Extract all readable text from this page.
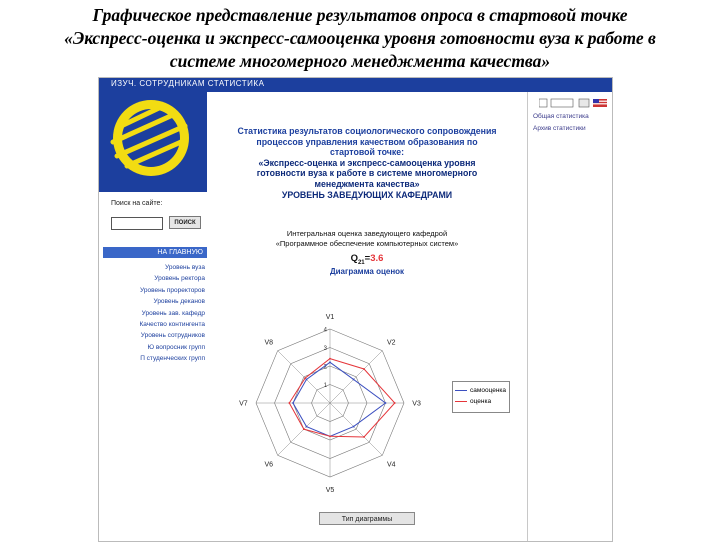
Графическое представление результатов опроса в стартовой точке
«Экспресс-оценка и экспресс-самооценка уровня готовности вуза к работе в
системе многомерного менеджмента качества»
ИЗУЧ. СОТРУДНИКАМ СТАТИСТИКА
Поиск на сайте:
ПОИСК
НА ГЛАВНУЮ
Уровень вуза
Уровень ректора
Уровень проректоров
Уровень деканов
Уровень зав. кафедр
Качество контингента
Уровень сотрудников
Ю вопросник групп
П студенческих групп
Общая статистика
Архив статистики
Статистика результатов социологического сопровождения
процессов управления качеством образования по
стартовой точке:
«Экспресс-оценка и экспресс-самооценка уровня
готовности вуза к работе в системе многомерного
менеджмента качества»
УРОВЕНЬ ЗАВЕДУЮЩИХ КАФЕДРАМИ
Интегральная оценка заведующего кафедрой
«Программное обеспечение компьютерных систем»
$Q_{21}=3.6$
Диаграмма оценок
V1
V2
V3
V4
V5
V6
V7
V8
1
2
3
4
самооценка
оценка
Тип диаграммы
